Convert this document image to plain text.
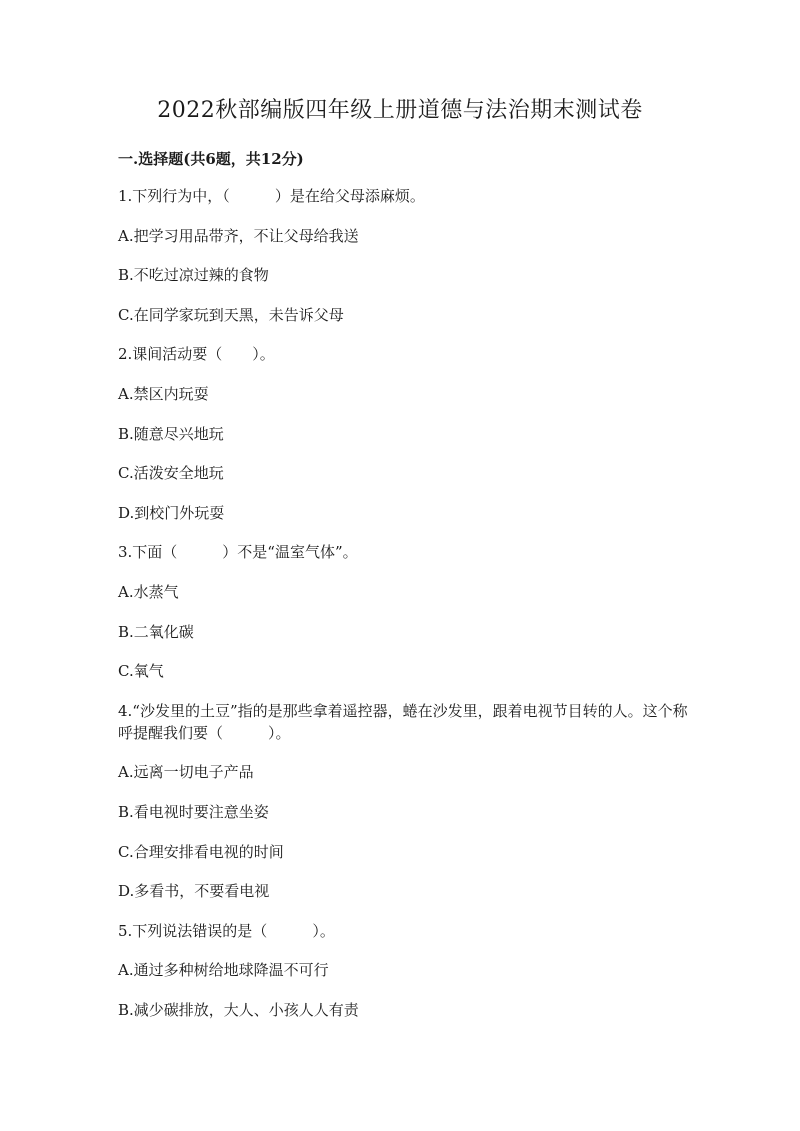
2022秋部编版四年级上册道德与法治期末测试卷
一.选择题(共6题，共12分)
1.下列行为中，（　　　）是在给父母添麻烦。
A.把学习用品带齐，不让父母给我送
B.不吃过凉过辣的食物
C.在同学家玩到天黑，未告诉父母
2.课间活动要（　　）。
A.禁区内玩耍
B.随意尽兴地玩
C.活泼安全地玩
D.到校门外玩耍
3.下面（　　　）不是“温室气体”。
A.水蒸气
B.二氧化碳
C.氧气
4.“沙发里的土豆”指的是那些拿着遥控器，蜷在沙发里，跟着电视节目转的人。这个称呼提醒我们要（　　　）。
A.远离一切电子产品
B.看电视时要注意坐姿
C.合理安排看电视的时间
D.多看书，不要看电视
5.下列说法错误的是（　　　）。
A.通过多种树给地球降温不可行
B.减少碳排放，大人、小孩人人有责
